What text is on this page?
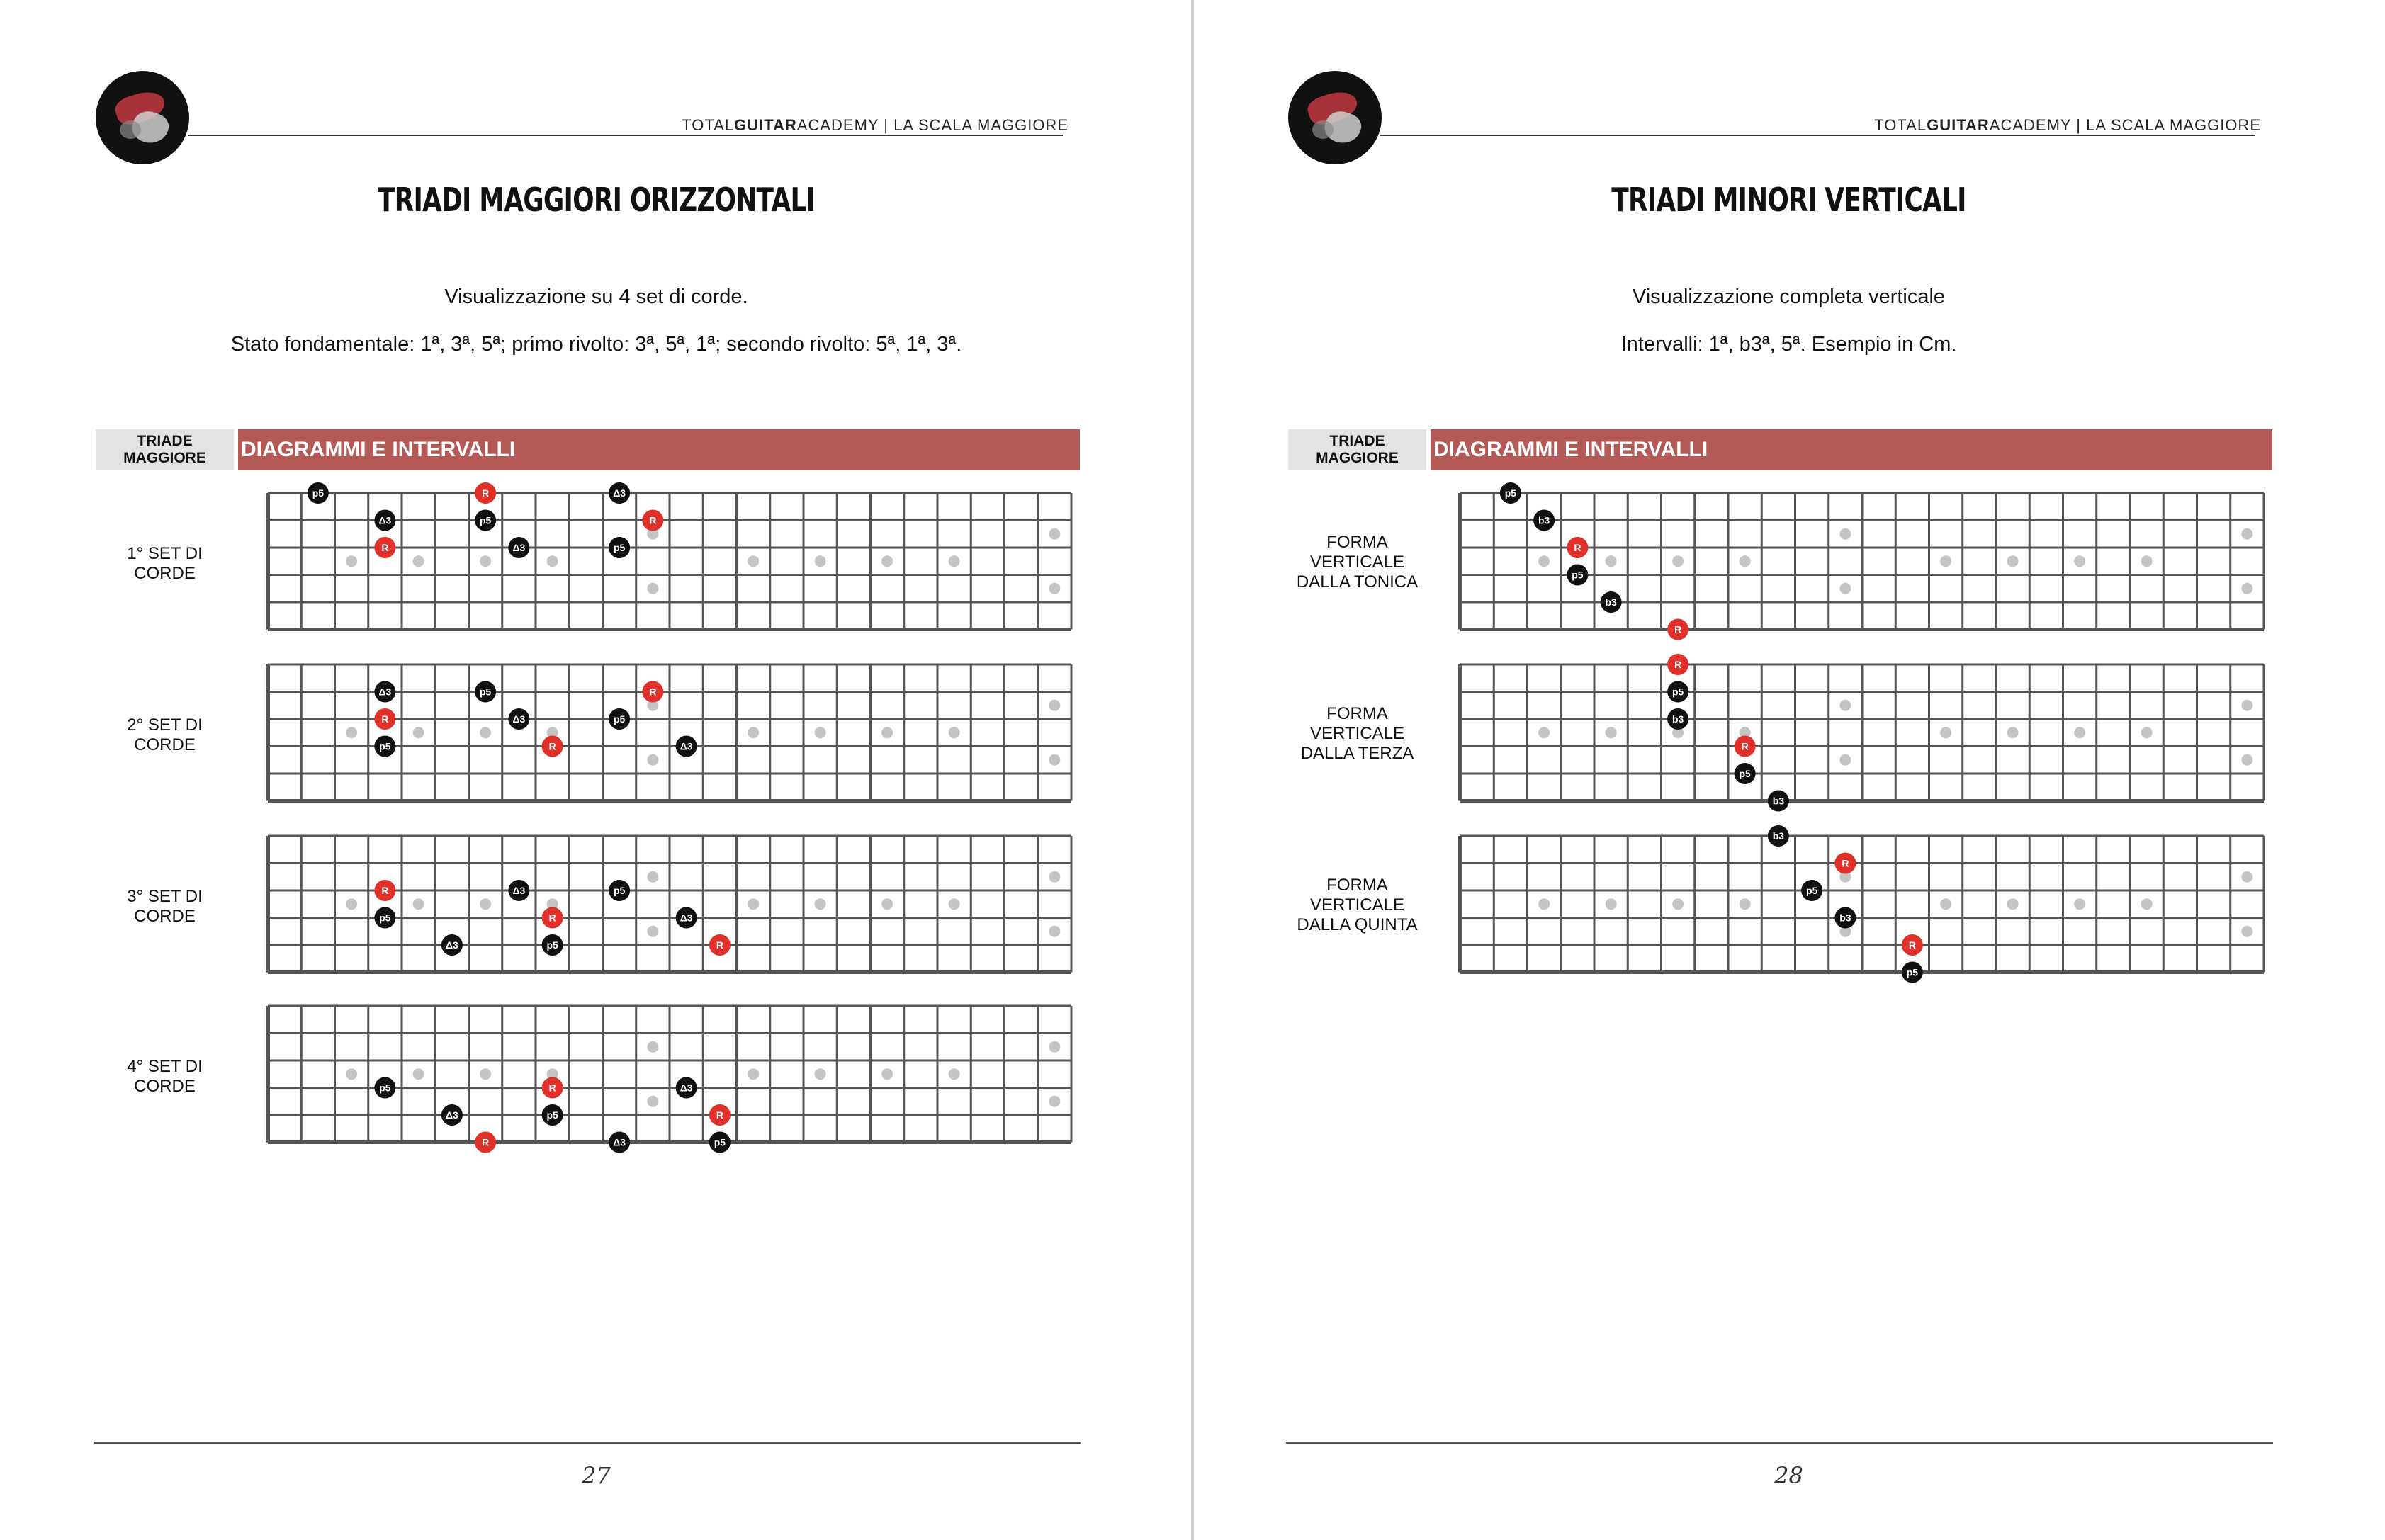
TOTALGUITARACADEMY | LA SCALA MAGGIORE
TRIADI MAGGIORI ORIZZONTALI
Visualizzazione su 4 set di corde.
Stato fondamentale: 1ª, 3ª, 5ª; primo rivolto: 3ª, 5ª, 1ª; secondo rivolto: 5ª, 1ª, 3ª.
TRIADE MAGGIORE	DIAGRAMMI E INTERVALLI
1° SET DI CORDE
2° SET DI CORDE
3° SET DI CORDE
4° SET DI CORDE
p5
Δ3
R
R
p5
Δ3
Δ3
p5
R
Δ3
R
p5
p5
Δ3
R
p5
R
Δ3
R
p5
Δ3
Δ3
R
p5
p5
Δ3
R
p5
Δ3
R
R
p5
Δ3
Δ3
R
p5
27
TOTALGUITARACADEMY | LA SCALA MAGGIORE
TRIADI MINORI VERTICALI
Visualizzazione completa verticale
Intervalli: 1ª, b3ª, 5ª. Esempio in Cm.
TRIADE MAGGIORE	DIAGRAMMI E INTERVALLI
FORMA VERTICALE DALLA TONICA
FORMA VERTICALE DALLA TERZA
FORMA VERTICALE DALLA QUINTA
p5
b3
R
p5
b3
R
R
p5
b3
R
p5
b3
b3
R
p5
b3
R
p5
28
